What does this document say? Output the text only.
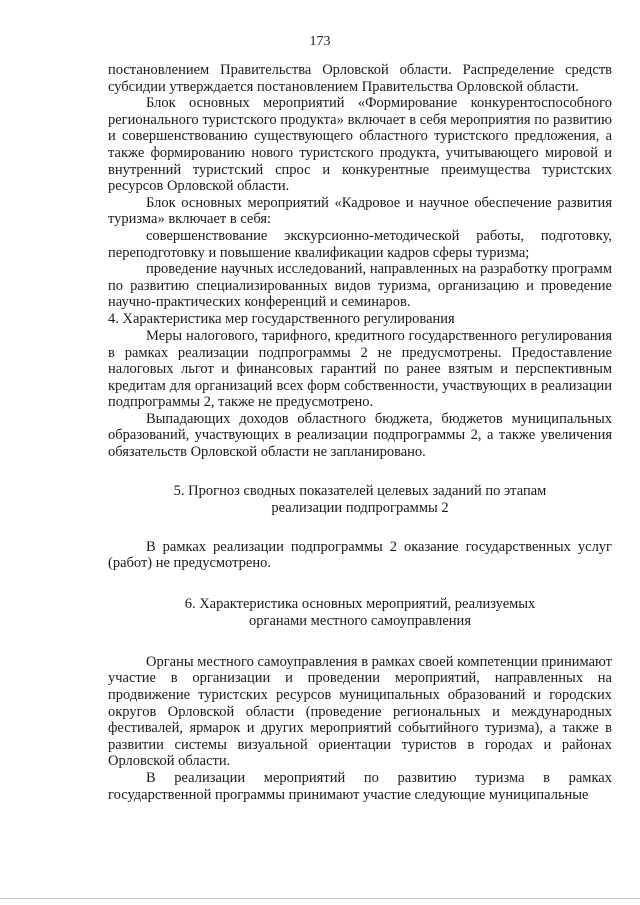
173

постановлением Правительства Орловской области. Распределение средств субсидии утверждается постановлением Правительства Орловской области.

Блок основных мероприятий «Формирование конкурентоспособного регионального туристского продукта» включает в себя мероприятия по развитию и совершенствованию существующего областного туристского предложения, а также формированию нового туристского продукта, учитывающего мировой и внутренний туристский спрос и конкурентные преимущества туристских ресурсов Орловской области.

Блок основных мероприятий «Кадровое и научное обеспечение развития туризма» включает в себя:

совершенствование экскурсионно-методической работы, подготовку, переподготовку и повышение квалификации кадров сферы туризма;

проведение научных исследований, направленных на разработку программ по развитию специализированных видов туризма, организацию и проведение научно-практических конференций и семинаров.

4. Характеристика мер государственного регулирования

Меры налогового, тарифного, кредитного государственного регулирования в рамках реализации подпрограммы 2 не предусмотрены. Предоставление налоговых льгот и финансовых гарантий по ранее взятым и перспективным кредитам для организаций всех форм собственности, участвующих в реализации подпрограммы 2, также не предусмотрено.

Выпадающих доходов областного бюджета, бюджетов муниципальных образований, участвующих в реализации подпрограммы 2, а также увеличения обязательств Орловской области не запланировано.

5. Прогноз сводных показателей целевых заданий по этапам
реализации подпрограммы 2

В рамках реализации подпрограммы 2 оказание государственных услуг (работ) не предусмотрено.

6. Характеристика основных мероприятий, реализуемых
органами местного самоуправления

Органы местного самоуправления в рамках своей компетенции принимают участие в организации и проведении мероприятий, направленных на продвижение туристских ресурсов муниципальных образований и городских округов Орловской области (проведение региональных и международных фестивалей, ярмарок и других мероприятий событийного туризма), а также в развитии системы визуальной ориентации туристов в городах и районах Орловской области.

В реализации мероприятий по развитию туризма в рамках государственной программы принимают участие следующие муниципальные
